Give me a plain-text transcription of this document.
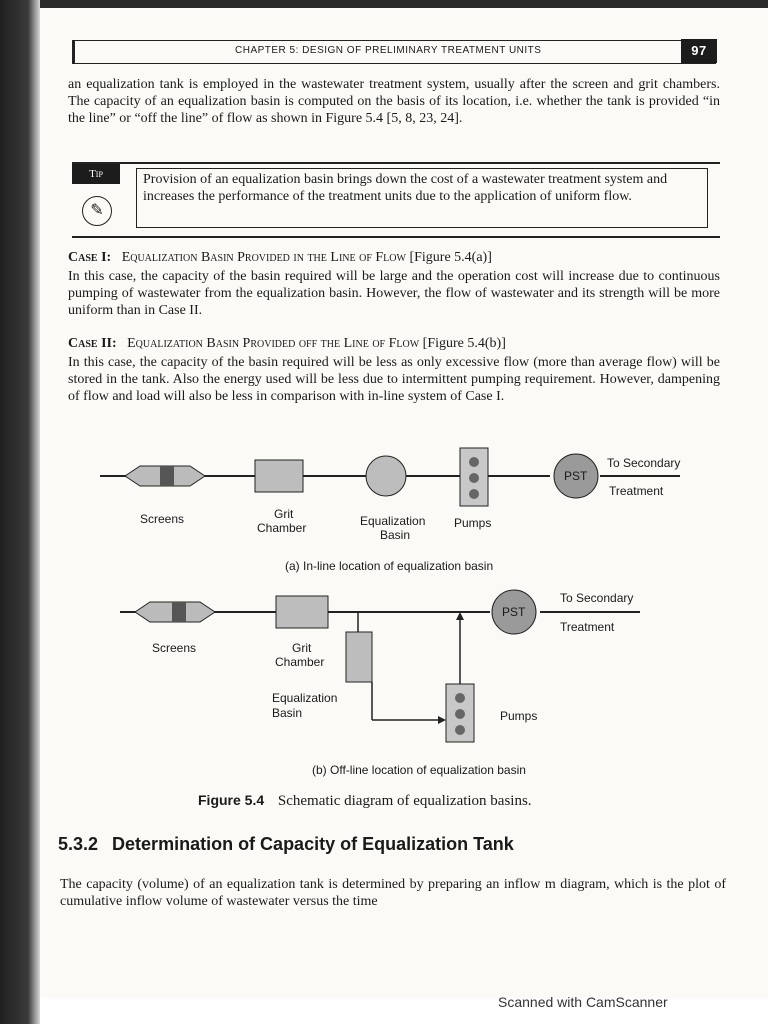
CHAPTER 5: DESIGN OF PRELIMINARY TREATMENT UNITS	97
an equalization tank is employed in the wastewater treatment system, usually after the screen and grit chambers. The capacity of an equalization basin is computed on the basis of its location, i.e. whether the tank is provided “in the line” or “off the line” of flow as shown in Figure 5.4 [5, 8, 23, 24].
Tip
✎
Provision of an equalization basin brings down the cost of a wastewater treatment system and increases the performance of the treatment units due to the application of uniform flow.
Case I: Equalization Basin Provided in the Line of Flow [Figure 5.4(a)]
In this case, the capacity of the basin required will be large and the operation cost will increase due to continuous pumping of wastewater from the equalization basin. However, the flow of wastewater and its strength will be more uniform than in Case II.
Case II: Equalization Basin Provided off the Line of Flow [Figure 5.4(b)]
In this case, the capacity of the basin required will be less as only excessive flow (more than average flow) will be stored in the tank. Also the energy used will be less due to intermittent pumping requirement. However, dampening of flow and load will also be less in comparison with in-line system of Case I.
PST
To Secondary
Treatment
Screens	Grit
Chamber	Equalization
Basin
Pumps
(a) In-line location of equalization basin
PST
To Secondary
Treatment
Screens	Grit
Chamber
Equalization
Basin	Pumps
(b) Off-line location of equalization basin
Figure 5.4 Schematic diagram of equalization basins.
5.3.2 Determination of Capacity of Equalization Tank
The capacity (volume) of an equalization tank is determined by preparing an inflow m diagram, which is the plot of cumulative inflow volume of wastewater versus the time
Scanned with CamScanner
